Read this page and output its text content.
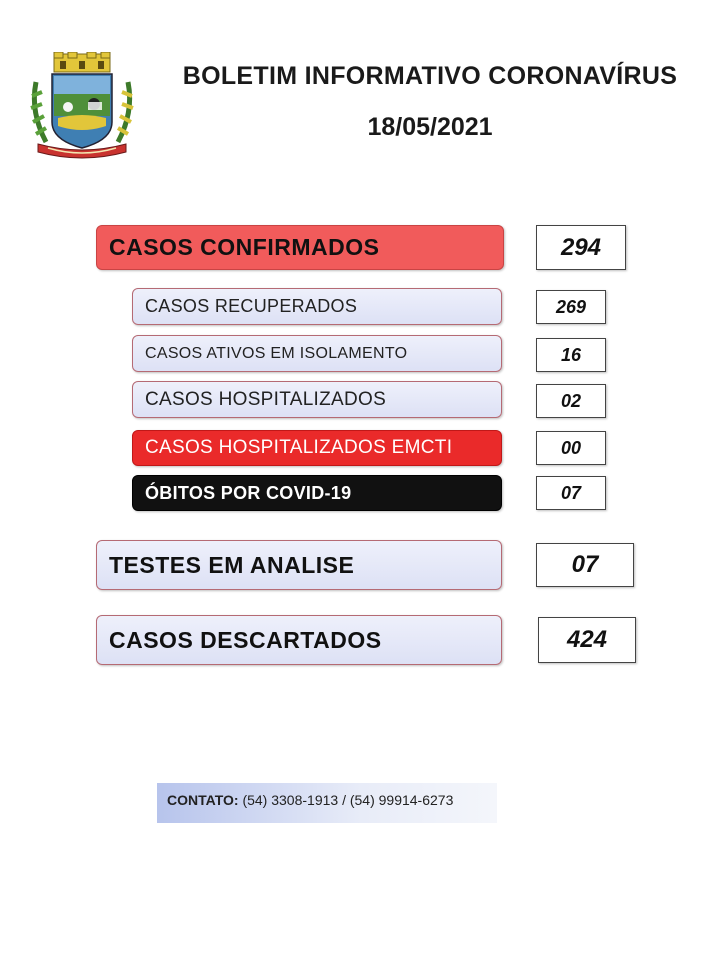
BOLETIM INFORMATIVO CORONAVÍRUS
18/05/2021
CASOS CONFIRMADOS	294
CASOS RECUPERADOS	269
CASOS ATIVOS EM ISOLAMENTO	16
CASOS HOSPITALIZADOS	02
CASOS HOSPITALIZADOS EMCTI	00
ÓBITOS POR COVID-19	07
TESTES EM ANALISE	07
CASOS DESCARTADOS	424
CONTATO: (54) 3308-1913 / (54) 99914-6273
